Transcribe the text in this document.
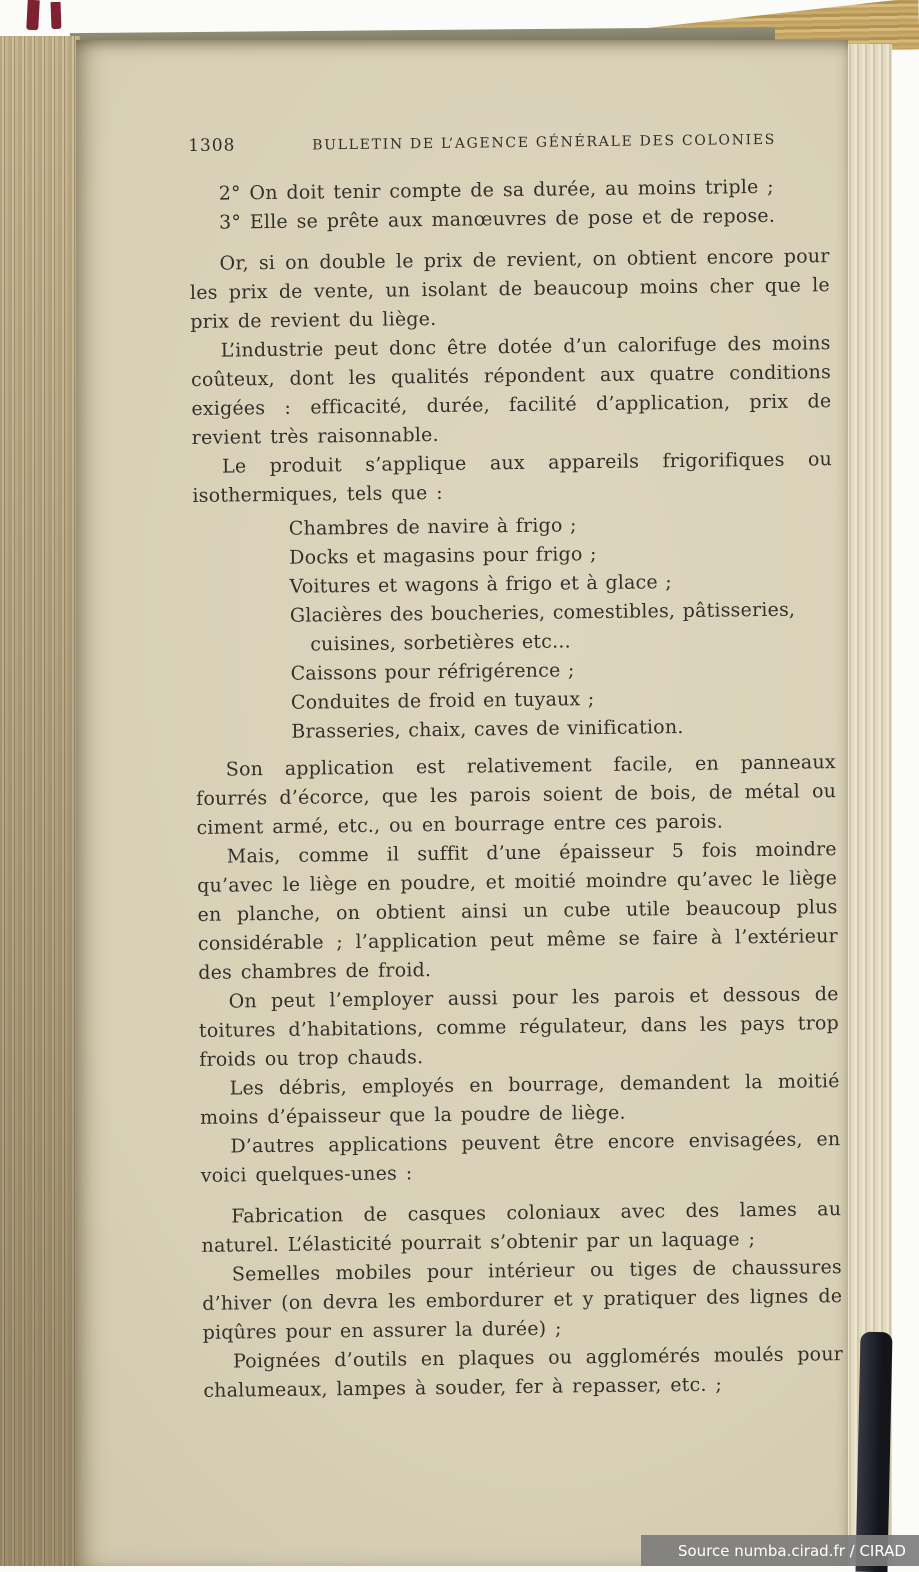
1308	BULLETIN DE L’AGENCE GÉNÉRALE DES COLONIES

2° On doit tenir compte de sa durée, au moins triple ;

3° Elle se prête aux manœuvres de pose et de repose.

Or, si on double le prix de revient, on obtient encore pour les prix de vente, un isolant de beaucoup moins cher que le prix de revient du liège.

L’industrie peut donc être dotée d’un calorifuge des moins coûteux, dont les qualités répondent aux quatre conditions exigées : efficacité, durée, facilité d’application, prix de revient très raisonnable.

Le produit s’applique aux appareils frigorifiques ou isothermiques, tels que :

Chambres de navire à frigo ;
Docks et magasins pour frigo ;
Voitures et wagons à frigo et à glace ;
Glacières des boucheries, comestibles, pâtisseries, cuisines, sorbetières etc...
Caissons pour réfrigérence ;
Conduites de froid en tuyaux ;
Brasseries, chaix, caves de vinification.

Son application est relativement facile, en panneaux fourrés d’écorce, que les parois soient de bois, de métal ou ciment armé, etc., ou en bourrage entre ces parois.

Mais, comme il suffit d’une épaisseur 5 fois moindre qu’avec le liège en poudre, et moitié moindre qu’avec le liège en planche, on obtient ainsi un cube utile beaucoup plus considérable ; l’application peut même se faire à l’extérieur des chambres de froid.

On peut l’employer aussi pour les parois et dessous de toitures d’habitations, comme régulateur, dans les pays trop froids ou trop chauds.

Les débris, employés en bourrage, demandent la moitié moins d’épaisseur que la poudre de liège.

D’autres applications peuvent être encore envisagées, en voici quelques-unes :

Fabrication de casques coloniaux avec des lames au naturel. L’élasticité pourrait s’obtenir par un laquage ;

Semelles mobiles pour intérieur ou tiges de chaussures d’hiver (on devra les embordurer et y pratiquer des lignes de piqûres pour en assurer la durée) ;

Poignées d’outils en plaques ou agglomérés moulés pour chalumeaux, lampes à souder, fer à repasser, etc. ;

Source numba.cirad.fr / CIRAD
